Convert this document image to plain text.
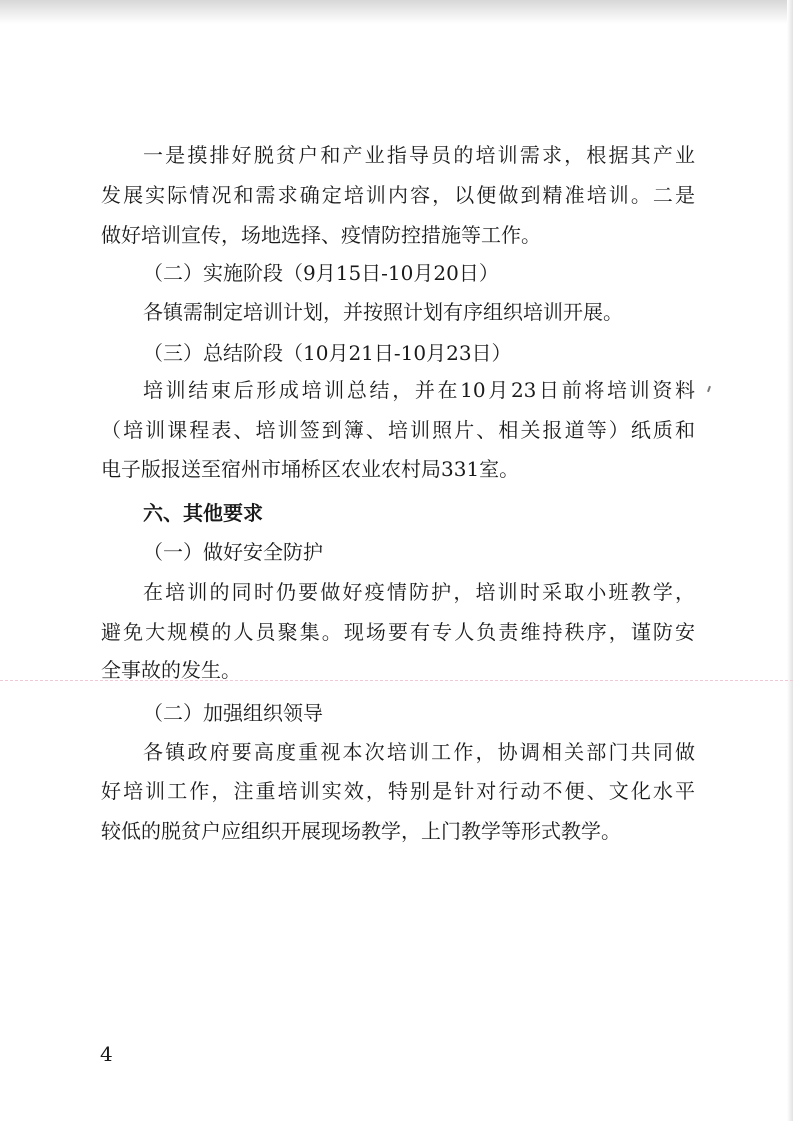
一是摸排好脱贫户和产业指导员的培训需求，根据其产业

发展实际情况和需求确定培训内容，以便做到精准培训。二是

做好培训宣传，场地选择、疫情防控措施等工作。

（二）实施阶段（9月15日-10月20日）

各镇需制定培训计划，并按照计划有序组织培训开展。

（三）总结阶段（10月21日-10月23日）

培训结束后形成培训总结，并在10月23日前将培训资料

（培训课程表、培训签到簿、培训照片、相关报道等）纸质和

电子版报送至宿州市埇桥区农业农村局331室。

六、其他要求

（一）做好安全防护

在培训的同时仍要做好疫情防护，培训时采取小班教学，

避免大规模的人员聚集。现场要有专人负责维持秩序，谨防安

全事故的发生。

（二）加强组织领导

各镇政府要高度重视本次培训工作，协调相关部门共同做

好培训工作，注重培训实效，特别是针对行动不便、文化水平

较低的脱贫户应组织开展现场教学，上门教学等形式教学。

4
